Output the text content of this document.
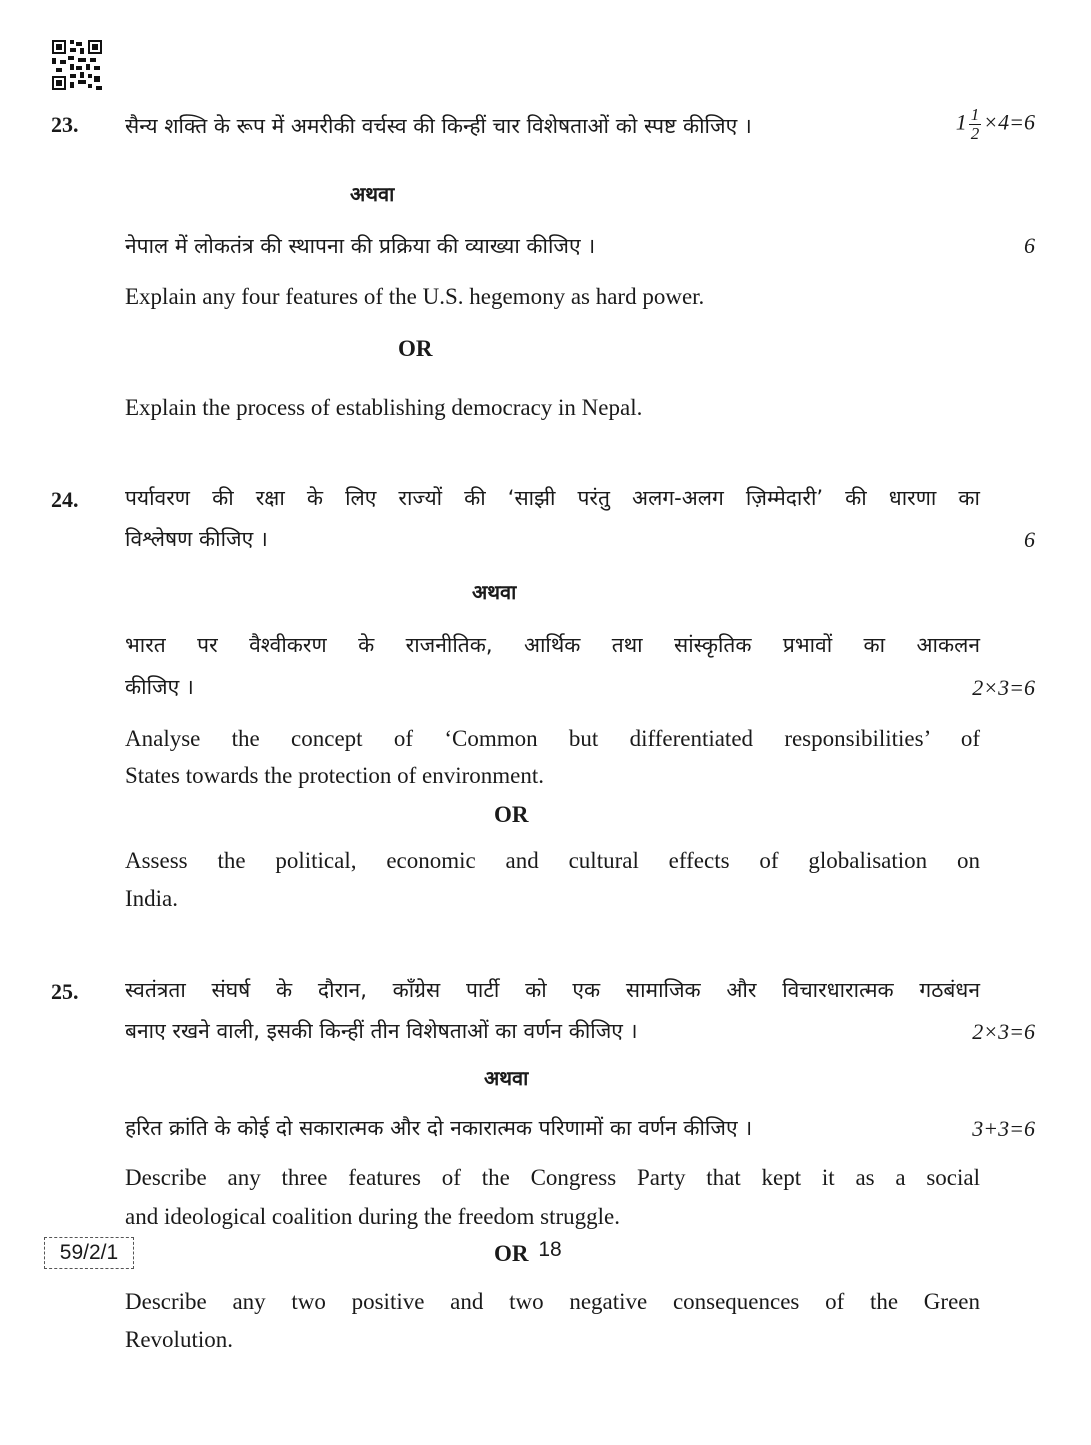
23. सैन्य शक्ति के रूप में अमरीकी वर्चस्व की किन्हीं चार विशेषताओं को स्पष्ट कीजिए ।	$1 \frac{1}{2} \times 4=6$
अथवा
नेपाल में लोकतंत्र की स्थापना की प्रक्रिया की व्याख्या कीजिए ।	6
Explain any four features of the U.S. hegemony as hard power.
OR
Explain the process of establishing democracy in Nepal.
24. पर्यावरण की रक्षा के लिए राज्यों की ‘साझी परंतु अलग-अलग ज़िम्मेदारी’ की धारणा का
विश्लेषण कीजिए ।	6
अथवा
भारत पर वैश्वीकरण के राजनीतिक, आर्थिक तथा सांस्कृतिक प्रभावों का आकलन
कीजिए ।	2×3=6
Analyse the concept of ‘Common but differentiated responsibilities’ of
States towards the protection of environment.
OR
Assess the political, economic and cultural effects of globalisation on
India.
25. स्वतंत्रता संघर्ष के दौरान, काँग्रेस पार्टी को एक सामाजिक और विचारधारात्मक गठबंधन
बनाए रखने वाली, इसकी किन्हीं तीन विशेषताओं का वर्णन कीजिए ।	2×3=6
अथवा
हरित क्रांति के कोई दो सकारात्मक और दो नकारात्मक परिणामों का वर्णन कीजिए ।	3+3=6
Describe any three features of the Congress Party that kept it as a social
and ideological coalition during the freedom struggle.
OR
Describe any two positive and two negative consequences of the Green
Revolution.
59/2/1	18
